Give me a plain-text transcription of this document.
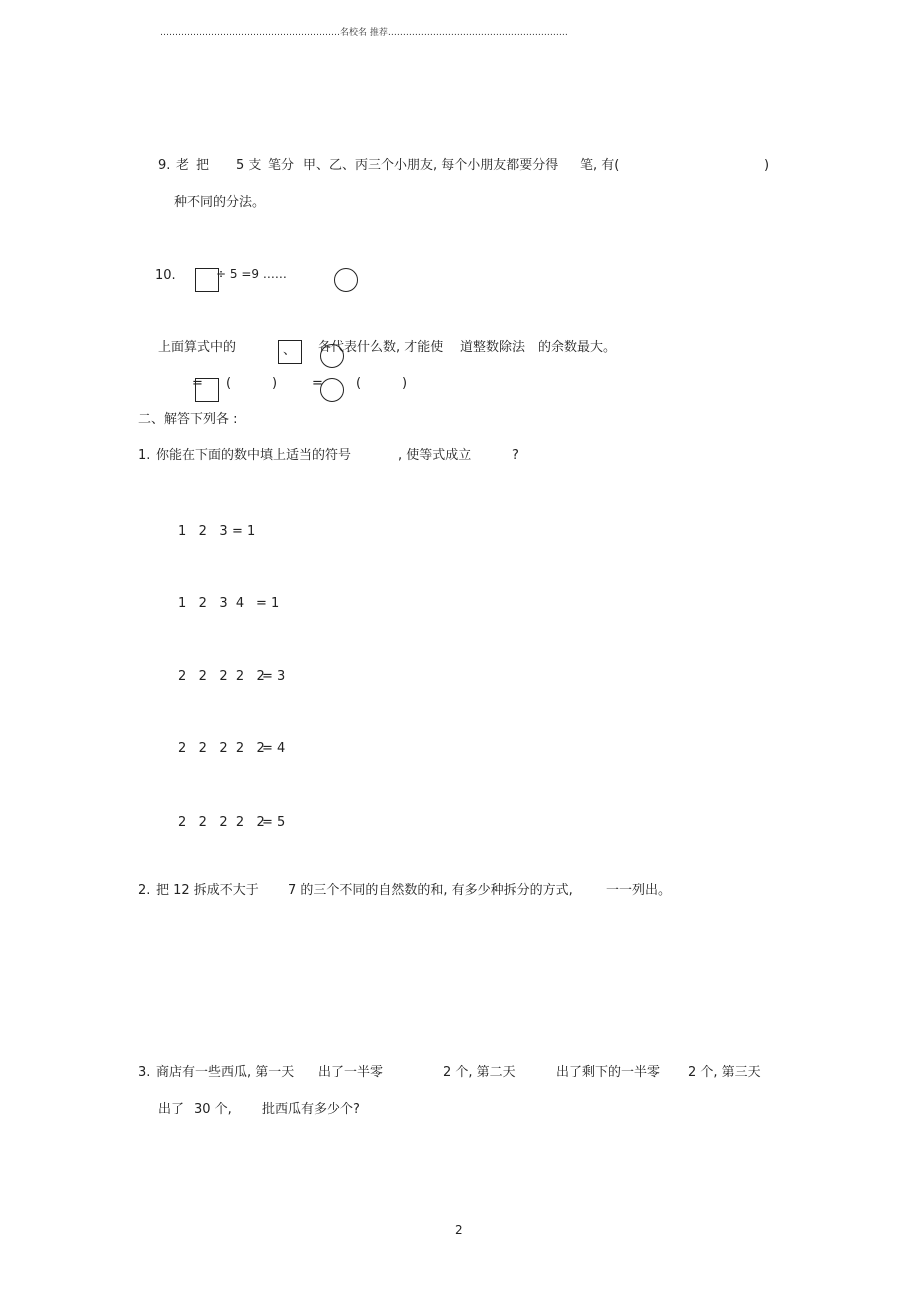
……………………………………………………名校名 推荐……………………………………………………
9. 老 把 5 支 笔分 甲、乙、丙三个小朋友, 每个小朋友都要分得 笔, 有(	)
种不同的分法。
10.	÷ 5 =9 ……
上面算式中的	、 各代表什么数, 才能使 道整数除法 的余数最大。
= (	)	=	(	)
二、解答下列各 :
1. 你能在下面的数中填上适当的符号	, 使等式成立	?
1   2   3 = 1
1   2   3  4 = 1
2   2   2  2   2
= 3
2   2   2  2   2
= 4
2   2   2  2   2
= 5
2. 把 12 拆成不大于 7 的三个不同的自然数的和, 有多少种拆分的方式,	一一列出。
3. 商店有一些西瓜, 第一天 出了一半零	2 个, 第二天	出了剩下的一半零 2 个, 第三天
出了 30 个, 批西瓜有多少个?
2
